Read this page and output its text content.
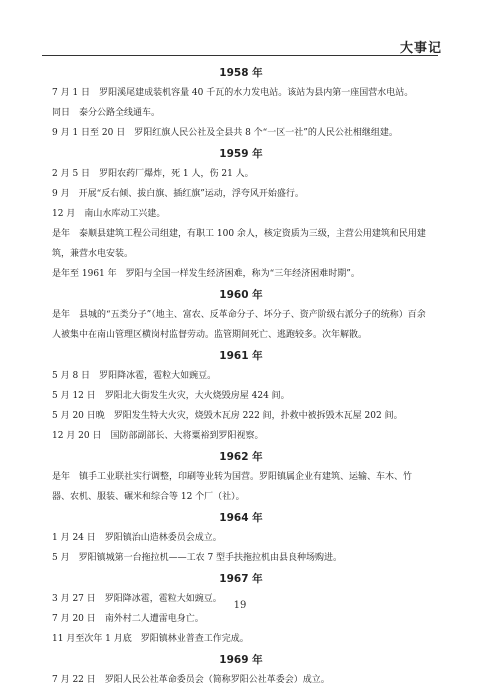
大事记
1958 年

7 月 1 日　 罗阳溪尾建成装机容量 40 千瓦的水力发电站。该站为县内第一座国营水电站。

同日　 泰分公路全线通车。

9 月 1 日至 20 日　 罗阳红旗人民公社及全县共 8 个“一区一社”的人民公社相继组建。

1959 年

2 月 5 日　 罗阳农药厂爆炸，死 1 人，伤 21 人。

9 月　 开展“反右倾、拔白旗、插红旗”运动，浮夸风开始盛行。

12 月　 南山水库动工兴建。

是年　 泰顺县建筑工程公司组建，有职工 100 余人，核定资质为三级，主营公用建筑和民用建筑，兼营水电安装。

是年至 1961 年　 罗阳与全国一样发生经济困难，称为“三年经济困难时期”。

1960 年

是年　 县城的“五类分子”（地主、富农、反革命分子、坏分子、资产阶级右派分子的统称）百余人被集中在南山管理区横岗村监督劳动。监管期间死亡、逃跑较多。次年解散。

1961 年

5 月 8 日　 罗阳降冰雹，雹粒大如豌豆。

5 月 12 日　 罗阳北大街发生火灾，大火烧毁房屋 424 间。

5 月 20 日晚　 罗阳发生特大火灾，烧毁木瓦房 222 间，扑救中被拆毁木瓦屋 202 间。

12 月 20 日　 国防部副部长、大将粟裕到罗阳视察。

1962 年

是年　 镇手工业联社实行调整，印刷等业转为国营。罗阳镇属企业有建筑、运输、车木、竹器、农机、服装、碾米和综合等 12 个厂（社）。

1964 年

1 月 24 日　 罗阳镇治山造林委员会成立。

5 月　 罗阳镇城第一台拖拉机——工农 7 型手扶拖拉机由县良种场购进。

1967 年

3 月 27 日　 罗阳降冰雹，雹粒大如豌豆。

7 月 20 日　 南外村二人遭雷电身亡。

11 月至次年 1 月底　 罗阳镇林业普查工作完成。

1969 年

7 月 22 日　 罗阳人民公社革命委员会（简称罗阳公社革委会）成立。

19
